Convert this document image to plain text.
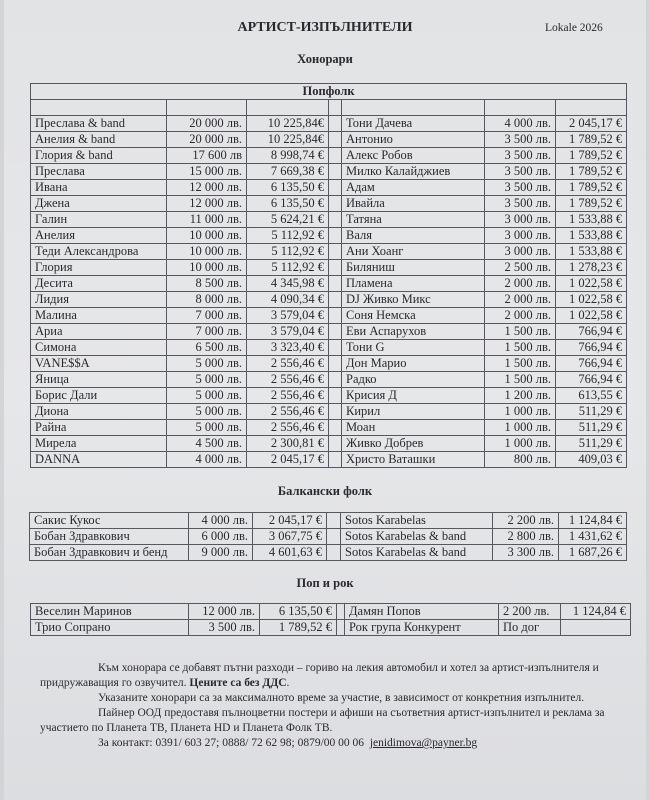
АРТИСТ-ИЗПЪЛНИТЕЛИ	Lokale 2026
Хонорари
Попфолк						

Преслава & band	20 000 лв.	10 225,84€		Тони Дачева	4 000 лв.	2 045,17 €
Анелия & band	20 000 лв.	10 225,84€		Антонио	3 500 лв.	1 789,52 €
Глория & band	17 600 лв	8 998,74 €		Алекс Робов	3 500 лв.	1 789,52 €
Преслава	15 000 лв.	7 669,38 €		Милко Калайджиев	3 500 лв.	1 789,52 €
Ивана	12 000 лв.	6 135,50 €		Адам	3 500 лв.	1 789,52 €
Джена	12 000 лв.	6 135,50 €		Ивайла	3 500 лв.	1 789,52 €
Галин	11 000 лв.	5 624,21 €		Татяна	3 000 лв.	1 533,88 €
Анелия	10 000 лв.	5 112,92 €		Валя	3 000 лв.	1 533,88 €
Теди Александрова	10 000 лв.	5 112,92 €		Ани Хоанг	3 000 лв.	1 533,88 €
Глория	10 000 лв.	5 112,92 €		Биляниш	2 500 лв.	1 278,23 €
Десита	8 500 лв.	4 345,98 €		Пламена	2 000 лв.	1 022,58 €
Лидия	8 000 лв.	4 090,34 €		DJ Живко Микс	2 000 лв.	1 022,58 €
Малина	7 000 лв.	3 579,04 €		Соня Немска	2 000 лв.	1 022,58 €
Ариа	7 000 лв.	3 579,04 €		Еви Аспарухов	1 500 лв.	766,94 €
Симона	6 500 лв.	3 323,40 €		Тони G	1 500 лв.	766,94 €
VANE$$A	5 000 лв.	2 556,46 €		Дон Марио	1 500 лв.	766,94 €
Яница	5 000 лв.	2 556,46 €		Радко	1 500 лв.	766,94 €
Борис Дали	5 000 лв.	2 556,46 €		Крисия Д	1 200 лв.	613,55 €
Диона	5 000 лв.	2 556,46 €		Кирил	1 000 лв.	511,29 €
Райна	5 000 лв.	2 556,46 €		Моан	1 000 лв.	511,29 €
Мирела	4 500 лв.	2 300,81 €		Живко Добрев	1 000 лв.	511,29 €
DANNA	4 000 лв.	2 045,17 €		Христо Ваташки	800 лв.	409,03 €
Балкански фолк
Сакис Кукос	4 000 лв.	2 045,17 €		Sotos Karabelas	2 200 лв.	1 124,84 €
Бобан Здравкович	6 000 лв.	3 067,75 €		Sotos Karabelas & band	2 800 лв.	1 431,62 €
Бобан Здравкович и бенд	9 000 лв.	4 601,63 €		Sotos Karabelas & band	3 300 лв.	1 687,26 €
Поп и рок
Веселин Маринов	12 000 лв.	6 135,50 €		Дамян Попов	2 200 лв.	1 124,84 €
Трио Сопрано	3 500 лв.	1 789,52 €		Рок група Конкурент	По дог	

Към хонорара се добавят пътни разходи – гориво на лекия автомобил и хотел за артист-изпълнителя и придружаващия го озвучител. Цените са без ДДС.

Указаните хонорари са за максималното време за участие, в зависимост от конкретния изпълнител.

Пайнер ООД предоставя пълноцветни постери и афиши на съответния артист-изпълнител и реклама за участието по Планета ТВ, Планета HD и Планета Фолк ТВ.

За контакт: 0391/ 603 27; 0888/ 72 62 98; 0879/00 00 06 jenidimova@payner.bg
